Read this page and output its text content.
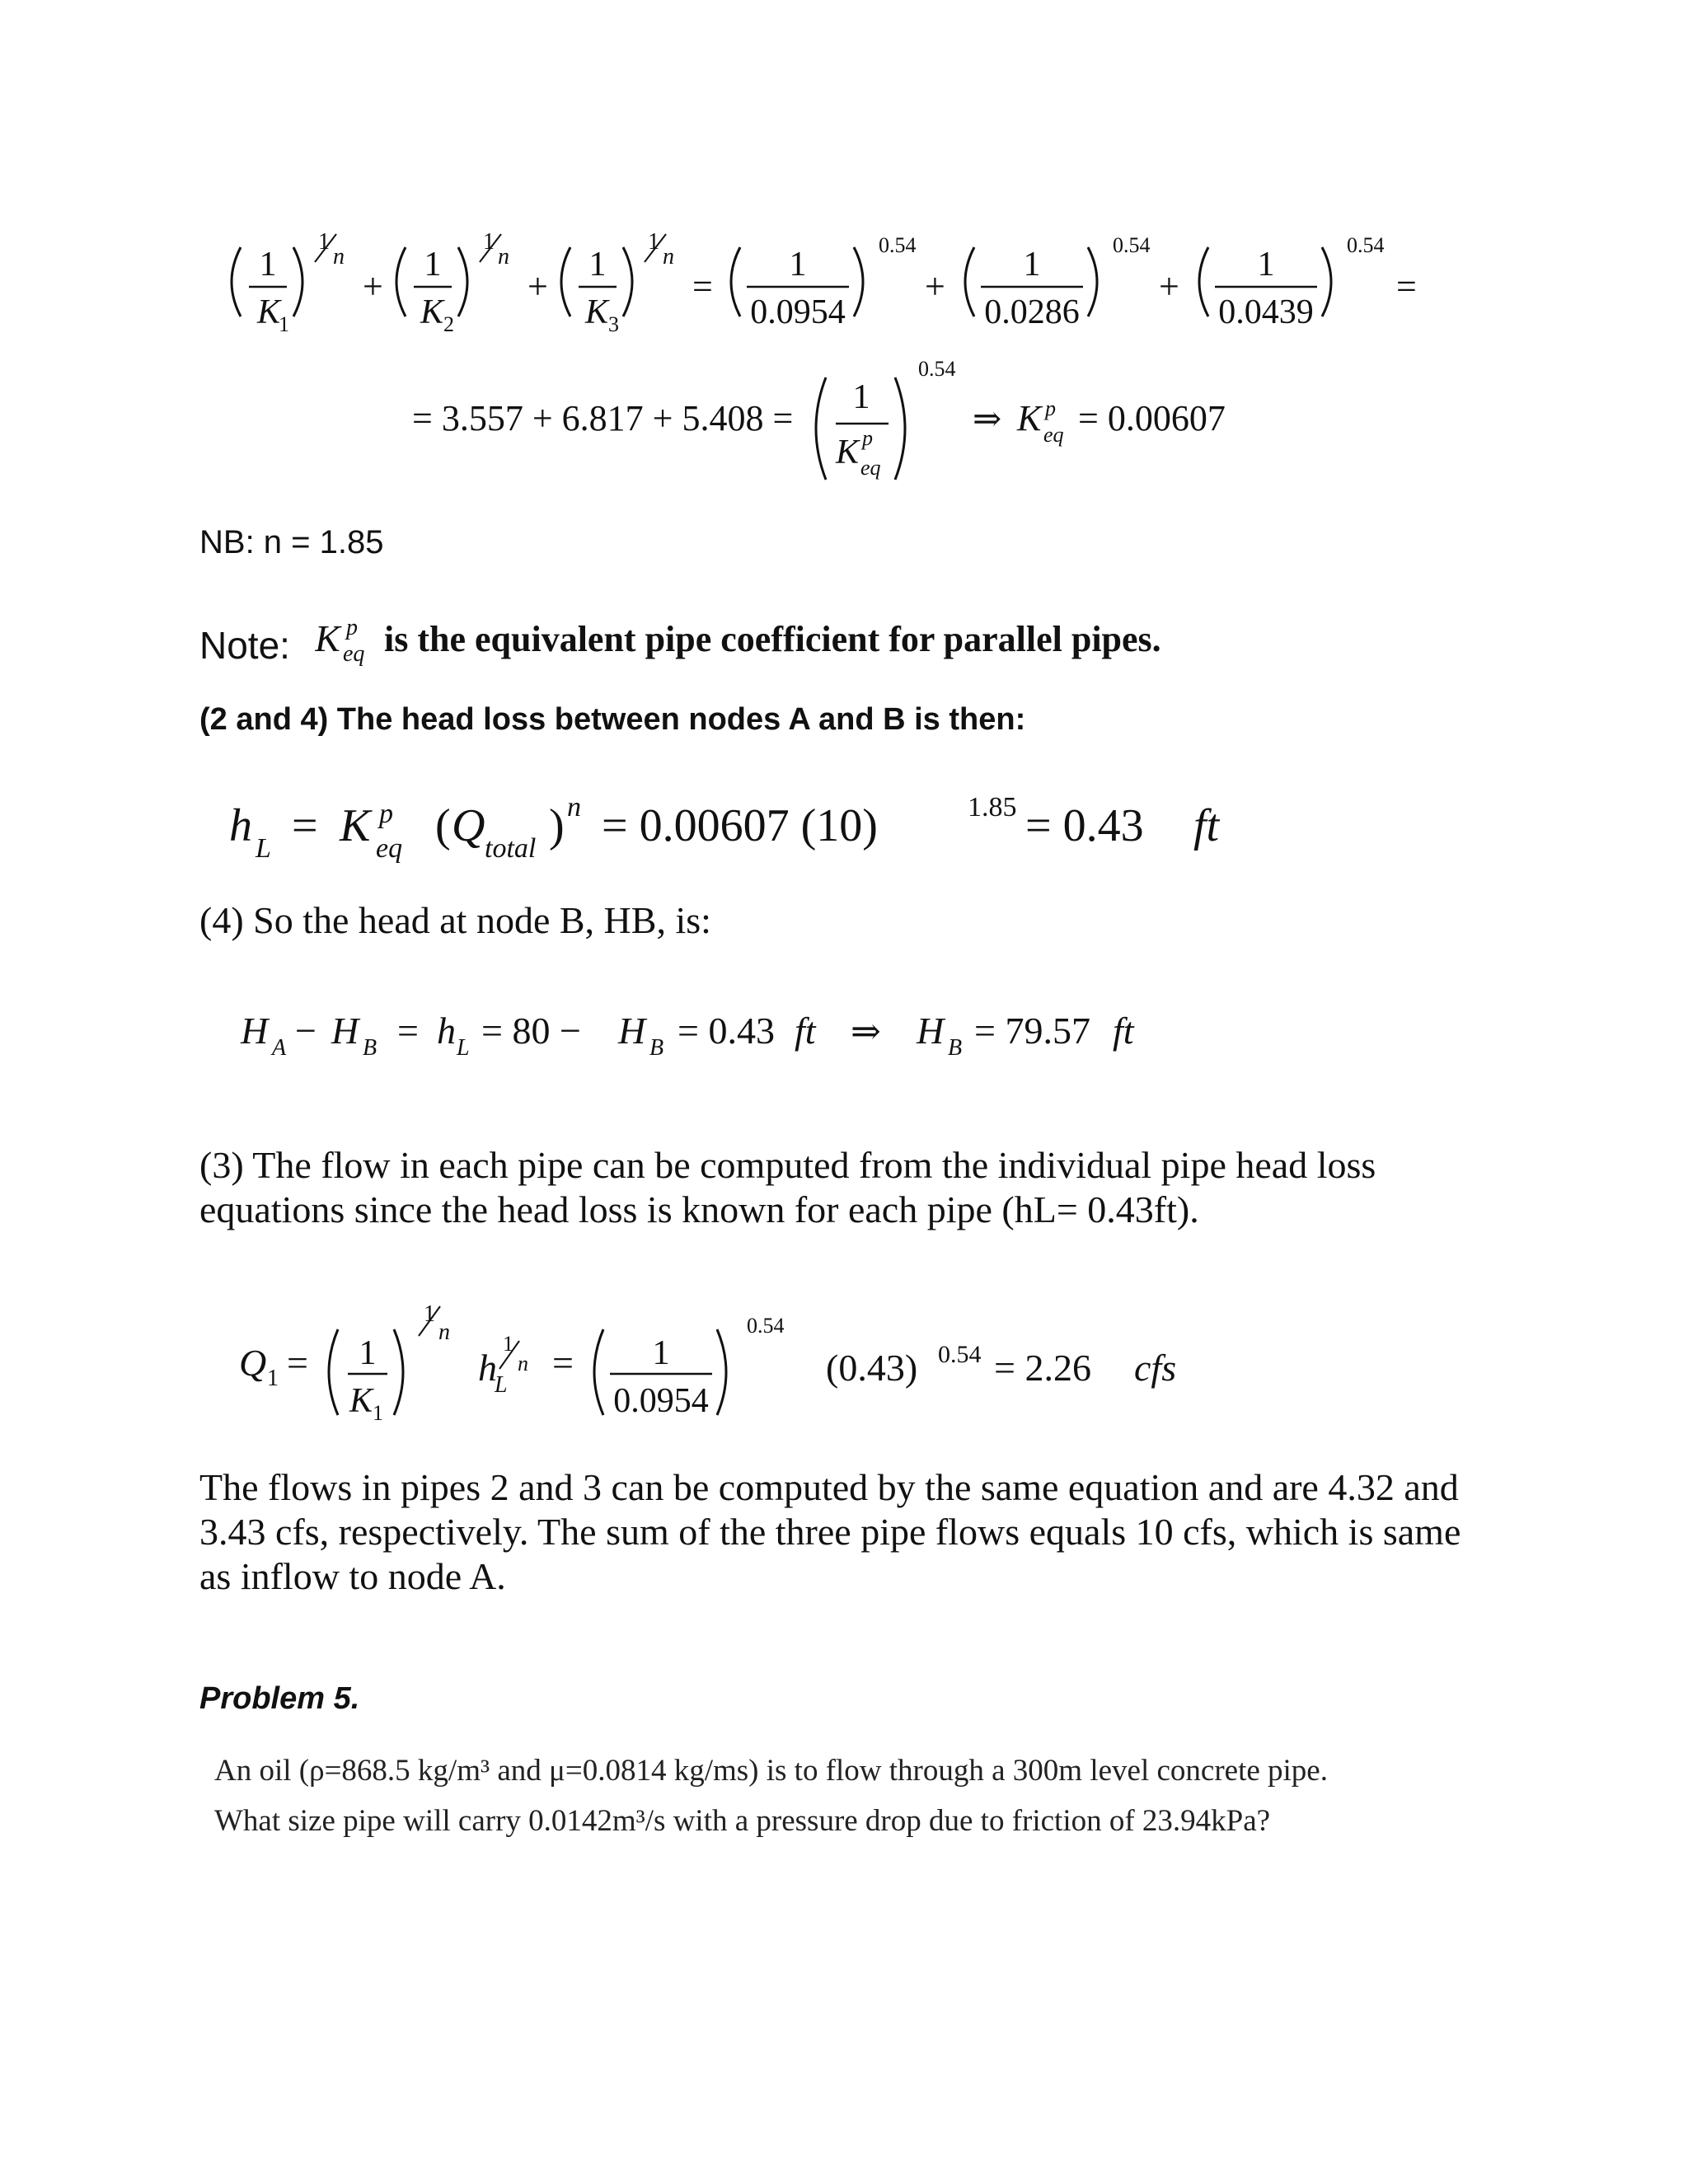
1
K
1
1
n
+
1
K 2
1
n
+
1
K 3
1
n
=
1
0.0954
0.54
+
1
0.0286
0.54
+
1
0.0439
0.54
=
= 3.557 + 6.817 + 5.408 =
1
K p
eq
0.54
⇒ K p
eq = 0.00607
NB: n = 1.85
Note: K p
eq is the equivalent pipe coefficient for parallel pipes.
(2 and 4) The head loss between nodes A and B is then:
h L = K p
eq ( Q total ) n = 0.00607 (10)	1.85 = 0.43 ft
(4) So the head at node B, HB, is:
H A − H B = h L = 80 − H B = 0.43 ft ⇒ H B = 79.57 ft
(3) The flow in each pipe can be computed from the individual pipe head loss
equations since the head loss is known for each pipe (hL= 0.43ft).
Q 1 = 1
K 1
1
n
h
L
1
n = 1
0.0954
0.54
(0.43) 0.54 = 2.26 cfs
The flows in pipes 2 and 3 can be computed by the same equation and are 4.32 and
3.43 cfs, respectively. The sum of the three pipe flows equals 10 cfs, which is same
as inflow to node A.
Problem 5.
An oil (ρ=868.5 kg/m³ and μ=0.0814 kg/ms) is to flow through a 300m level concrete pipe.
What size pipe will carry 0.0142m³/s with a pressure drop due to friction of 23.94kPa?
